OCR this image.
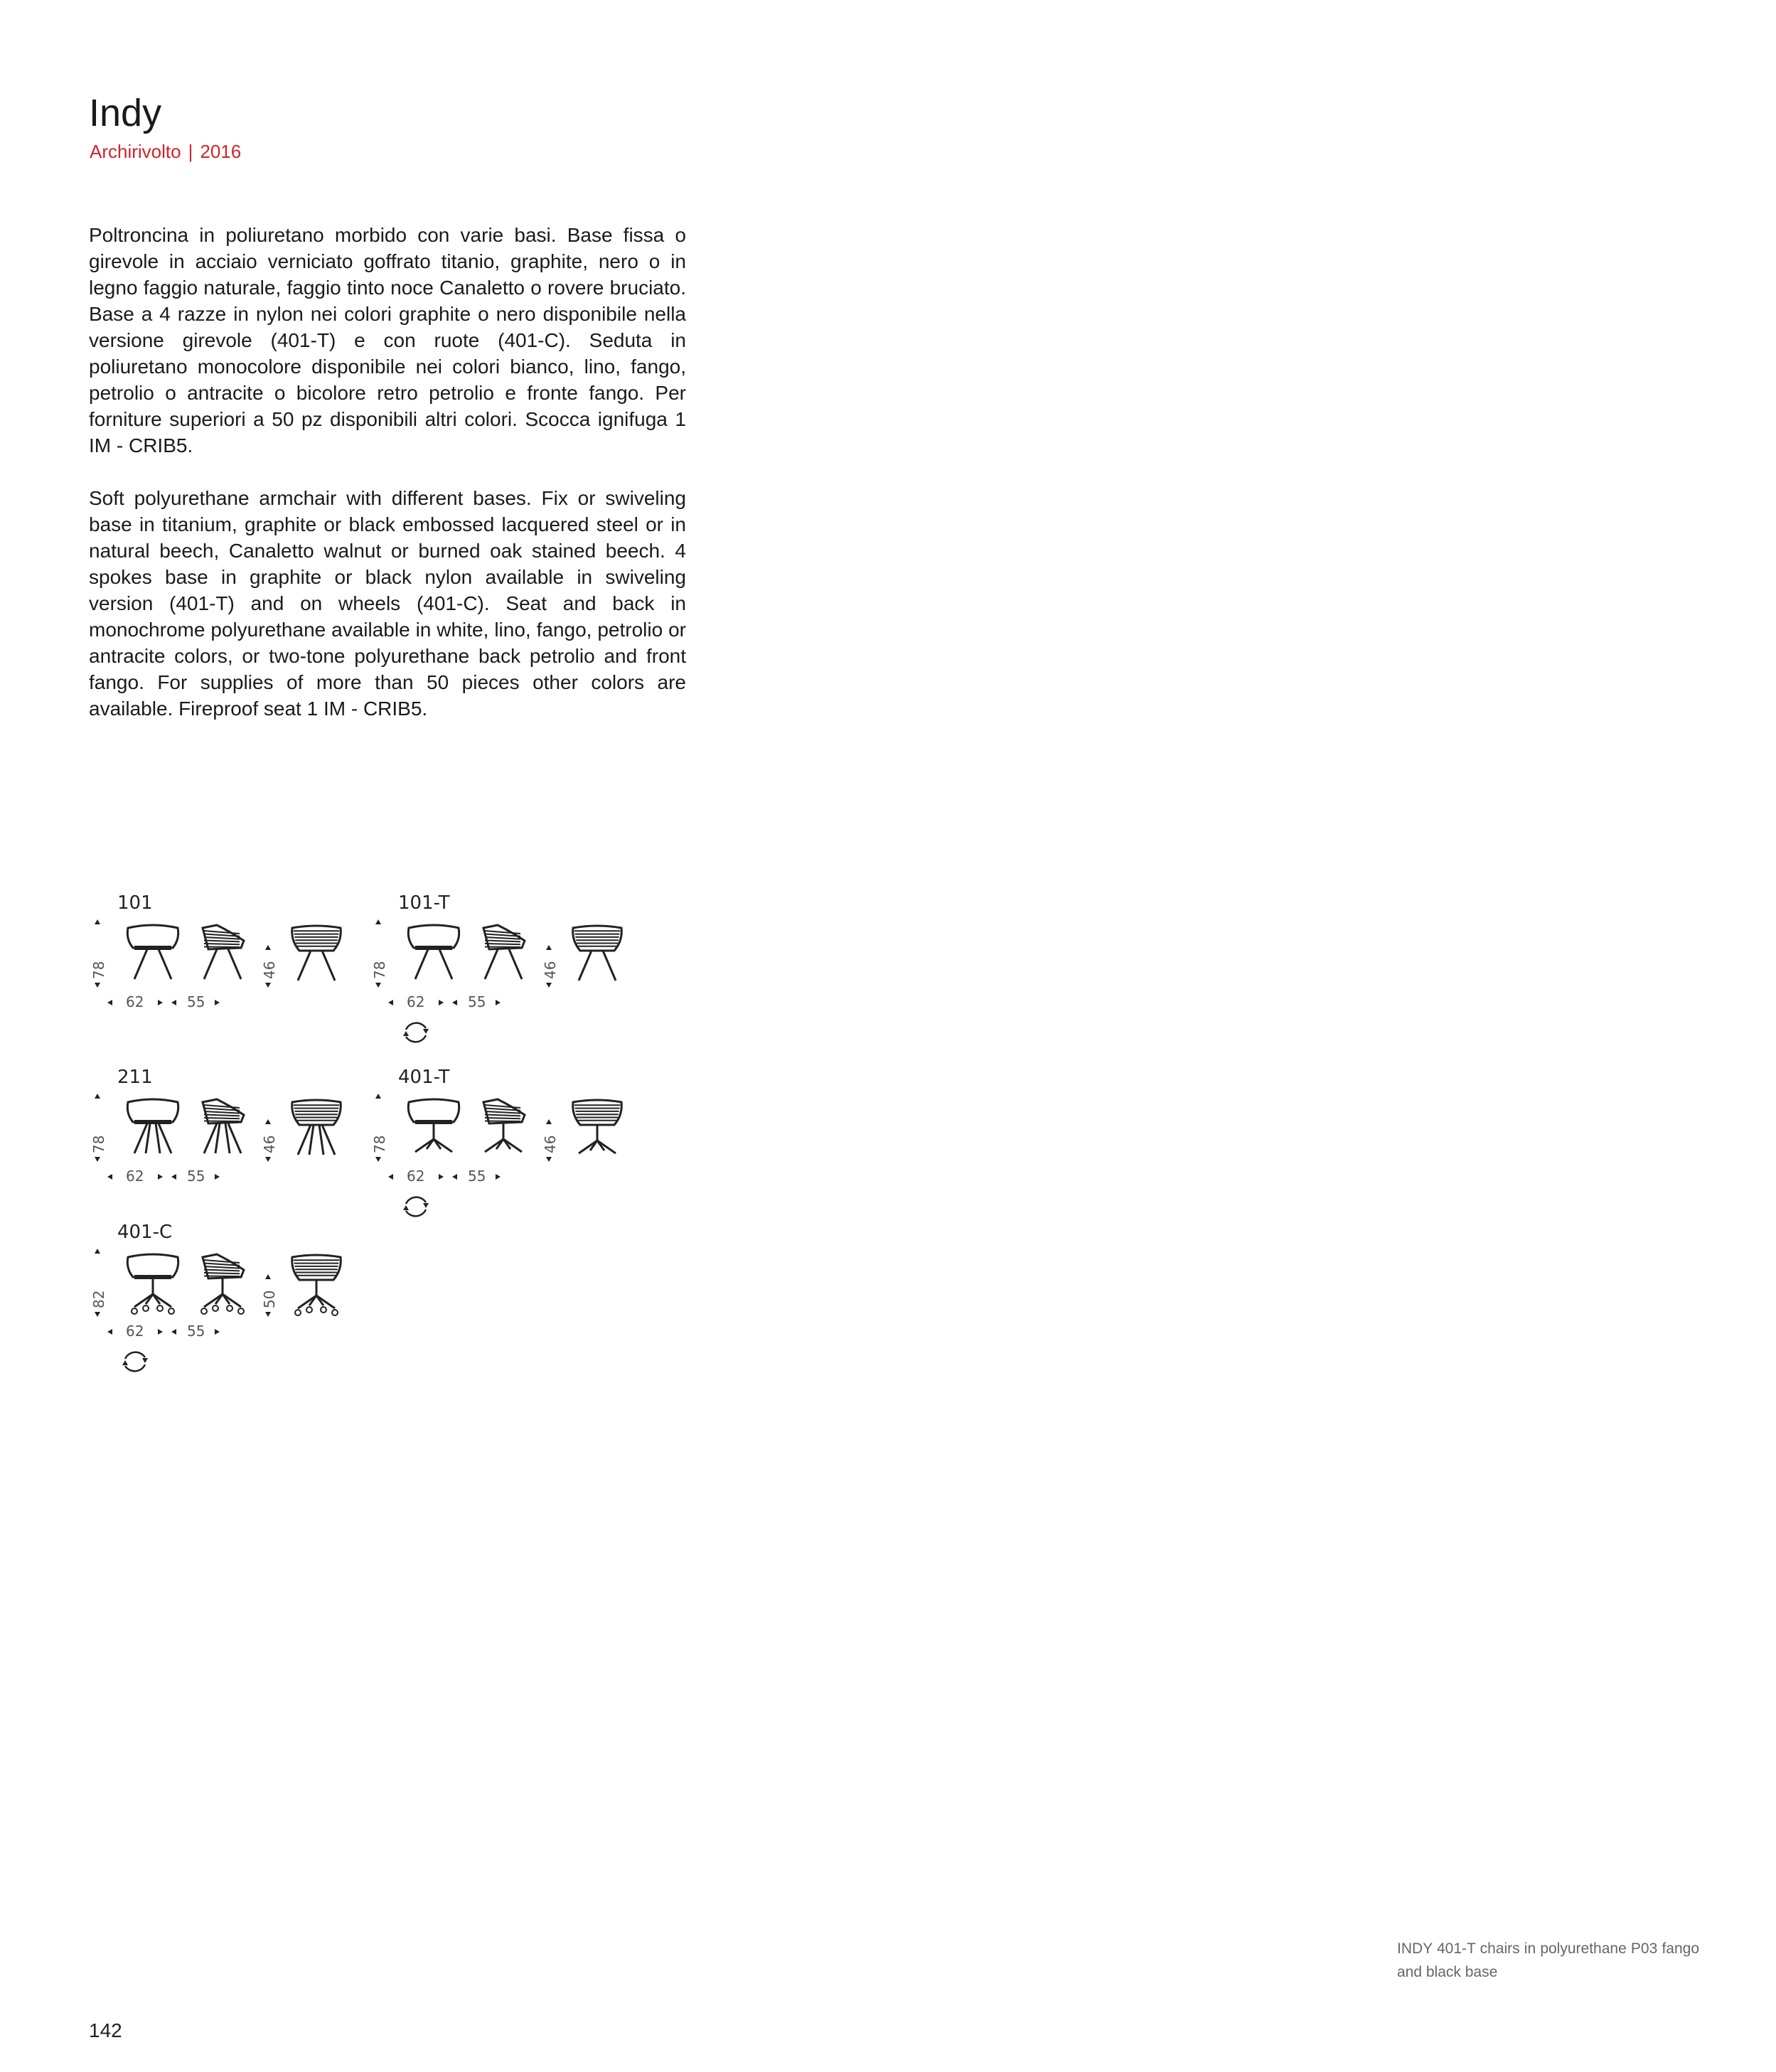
Indy
Archirivolto | 2016

Poltroncina in poliuretano morbido con varie basi. Base fissa o girevole in acciaio verniciato goffrato titanio, graphite, nero o in legno faggio naturale, faggio tinto noce Canaletto o rovere bruciato. Base a 4 razze in nylon nei colori graphite o nero disponibile nella versione girevole (401-T) e con ruote (401-C). Seduta in poliuretano monocolore disponibile nei colori bianco, lino, fango, petrolio o antracite o bicolore retro petrolio e fronte fango. Per forniture superiori a 50 pz disponibili altri colori. Scocca ignifuga 1 IM - CRIB5.

Soft polyurethane armchair with different bases. Fix or swiveling base in titanium, graphite or black embossed lacquered steel or in natural beech, Canaletto walnut or burned oak stained beech. 4 spokes base in graphite or black nylon available in swiveling version (401-T) and on wheels (401-C). Seat and back in monochrome polyurethane available in white, lino, fango, petrolio or antracite colors, or two-tone polyurethane back petrolio and front fango. For supplies of more than 50 pieces other colors are available. Fireproof seat 1 IM - CRIB5.

101
78	46
62	55
101-T
78	46
62	55
211
78	46
62	55
401-T
78	46
62	55
401-C
82	50
62	55

INDY 401-T chairs in polyurethane P03 fango and black base

142
